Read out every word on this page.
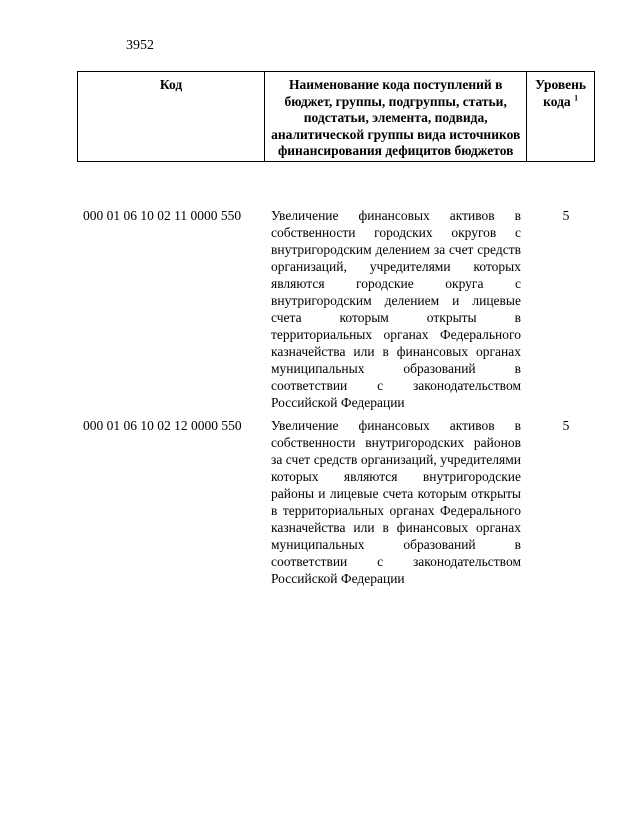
3952
Код	Наименование кода поступлений в бюджет, группы, подгруппы, статьи, подстатьи, элемента, подвида, аналитической группы вида источников финансирования дефицитов бюджетов	Уровень кода $^1$
000 01 06 10 02 11 0000 550	Увеличение финансовых активов в собственности городских округов с внутригородским делением за счет средств организаций, учредителями которых являются городские округа с внутригородским делением и лицевые счета которым открыты в территориальных органах Федерального казначейства или в финансовых органах муниципальных образований в соответствии с законодательством Российской Федерации	5
000 01 06 10 02 12 0000 550	Увеличение финансовых активов в собственности внутригородских районов за счет средств организаций, учредителями которых являются внутригородские районы и лицевые счета которым открыты в территориальных органах Федерального казначейства или в финансовых органах муниципальных образований в соответствии с законодательством Российской Федерации	5
